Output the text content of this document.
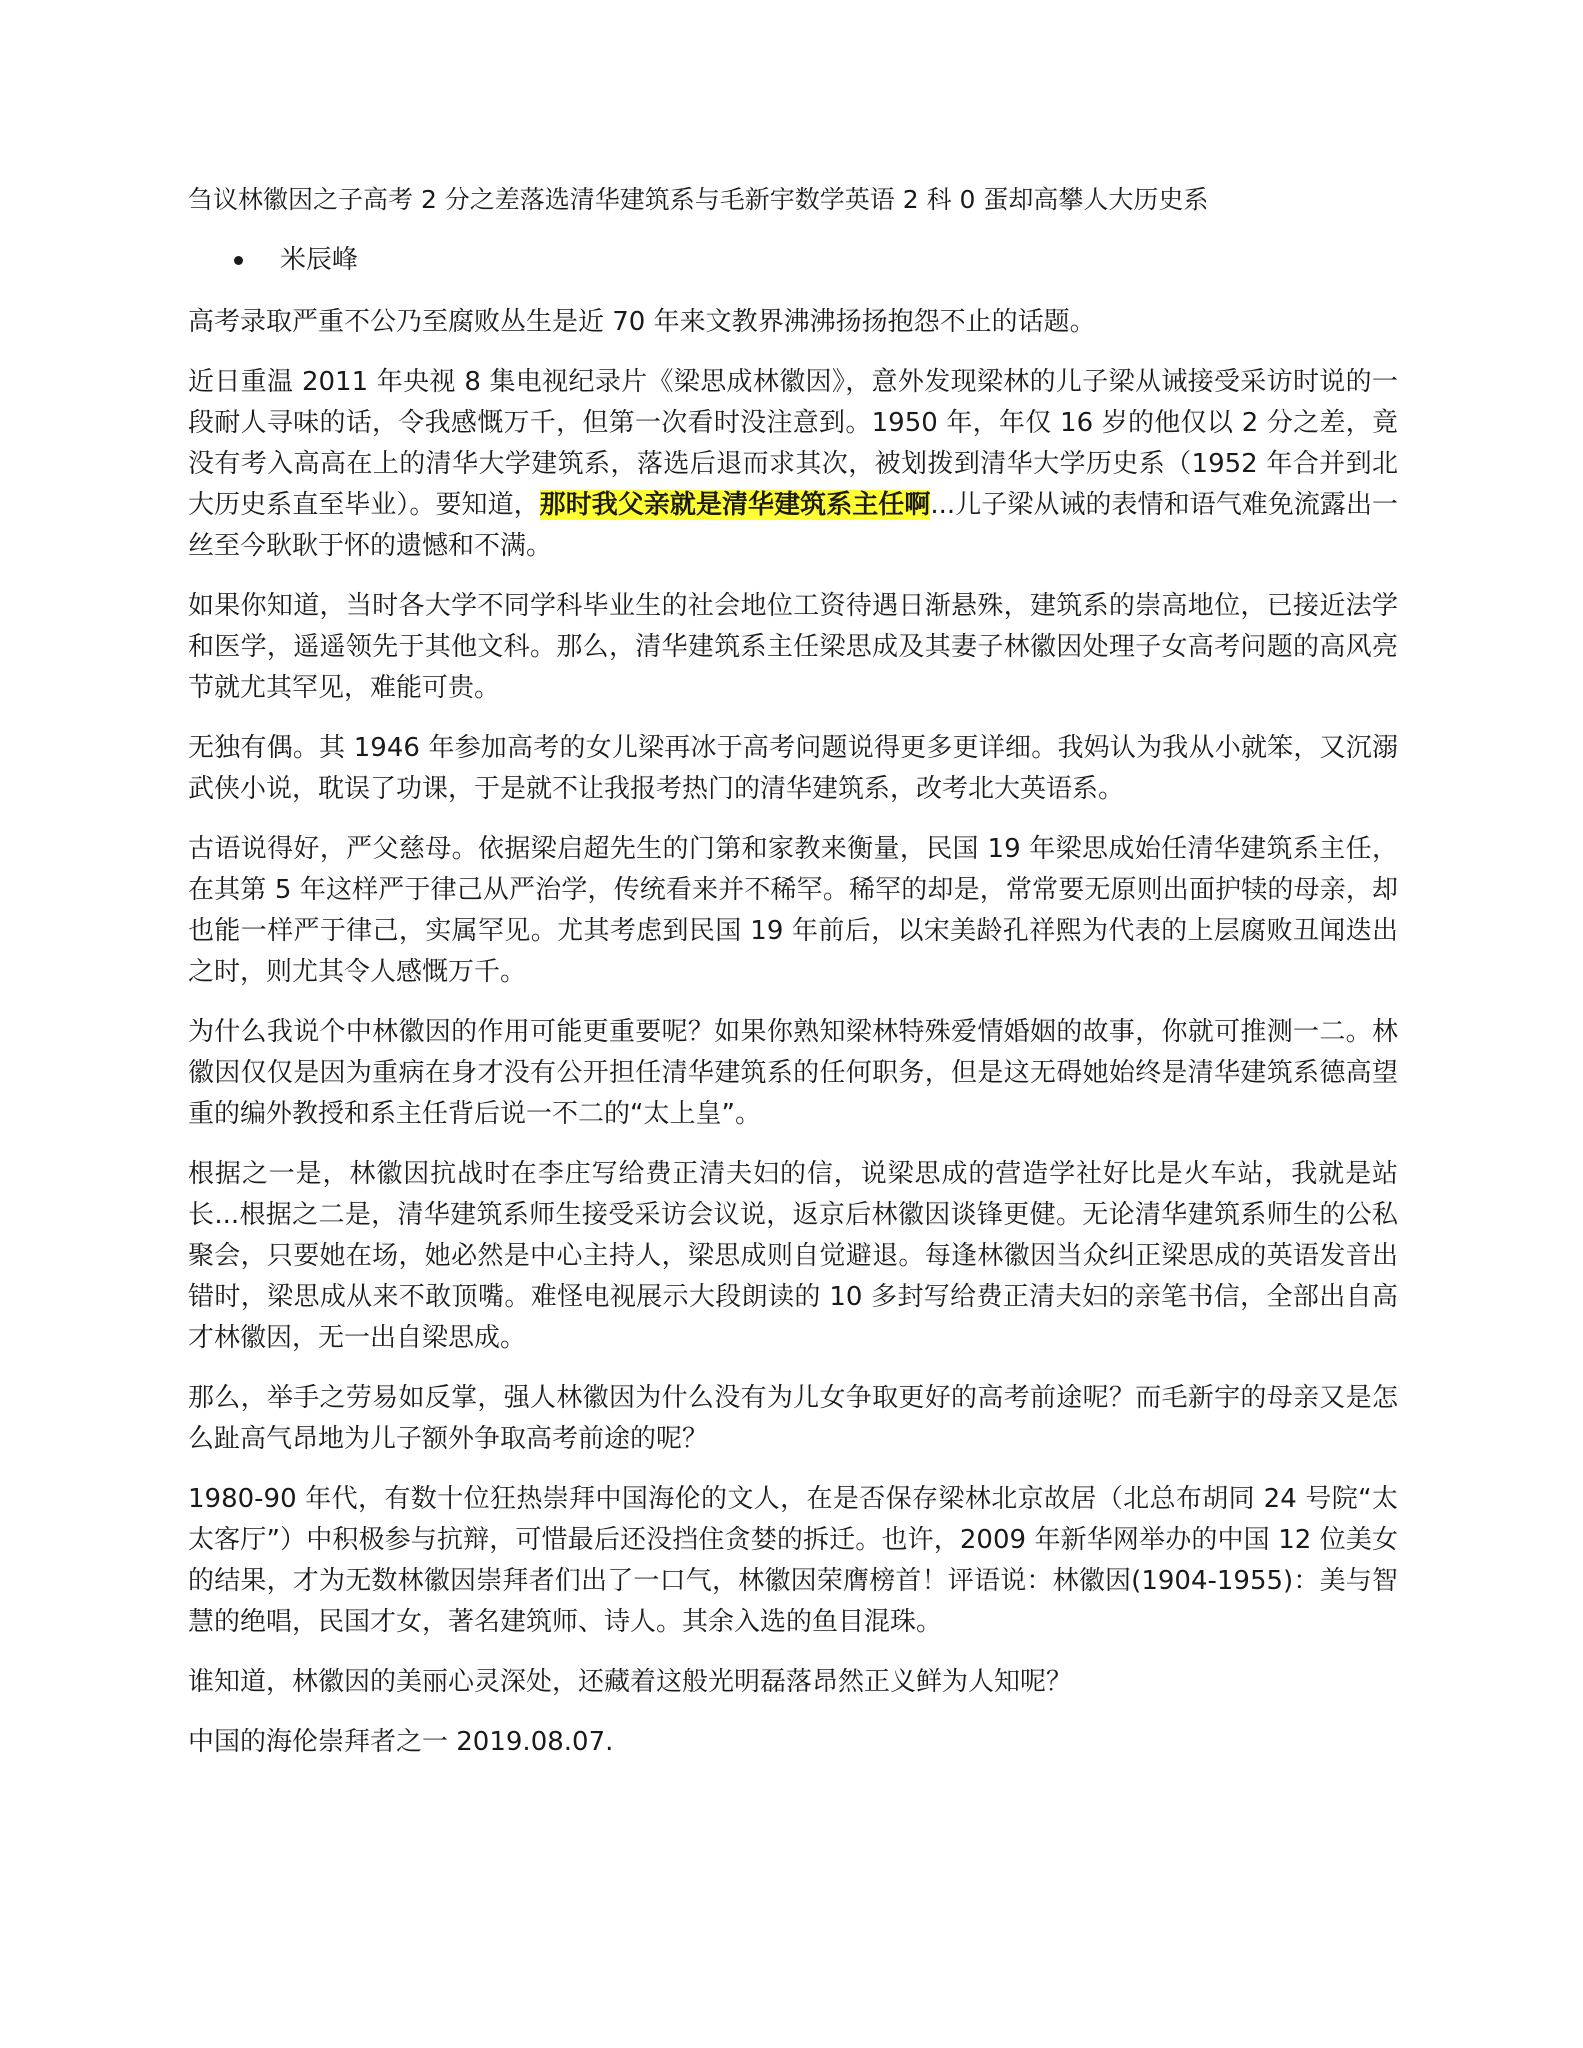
刍议林徽因之子高考 2 分之差落选清华建筑系与毛新宇数学英语 2 科 0 蛋却高攀人大历史系
米辰峰

高考录取严重不公乃至腐败丛生是近 70 年来文教界沸沸扬扬抱怨不止的话题。

近日重温 2011 年央视 8 集电视纪录片《梁思成林徽因》，意外发现梁林的儿子梁从诫接受采访时说的一段耐人寻味的话，令我感慨万千，但第一次看时没注意到。1950 年，年仅 16 岁的他仅以 2 分之差，竟没有考入高高在上的清华大学建筑系，落选后退而求其次，被划拨到清华大学历史系（1952 年合并到北大历史系直至毕业）。要知道，那时我父亲就是清华建筑系主任啊...儿子梁从诫的表情和语气难免流露出一丝至今耿耿于怀的遗憾和不满。

如果你知道，当时各大学不同学科毕业生的社会地位工资待遇日渐悬殊，建筑系的崇高地位，已接近法学和医学，遥遥领先于其他文科。那么，清华建筑系主任梁思成及其妻子林徽因处理子女高考问题的高风亮节就尤其罕见，难能可贵。

无独有偶。其 1946 年参加高考的女儿梁再冰于高考问题说得更多更详细。我妈认为我从小就笨，又沉溺武侠小说，耽误了功课，于是就不让我报考热门的清华建筑系，改考北大英语系。

古语说得好，严父慈母。依据梁启超先生的门第和家教来衡量，民国 19 年梁思成始任清华建筑系主任，在其第 5 年这样严于律己从严治学，传统看来并不稀罕。稀罕的却是，常常要无原则出面护犊的母亲，却也能一样严于律己，实属罕见。尤其考虑到民国 19 年前后，以宋美龄孔祥熙为代表的上层腐败丑闻迭出之时，则尤其令人感慨万千。

为什么我说个中林徽因的作用可能更重要呢？如果你熟知梁林特殊爱情婚姻的故事，你就可推测一二。林徽因仅仅是因为重病在身才没有公开担任清华建筑系的任何职务，但是这无碍她始终是清华建筑系德高望重的编外教授和系主任背后说一不二的“太上皇”。

根据之一是，林徽因抗战时在李庄写给费正清夫妇的信，说梁思成的营造学社好比是火车站，我就是站长...根据之二是，清华建筑系师生接受采访会议说，返京后林徽因谈锋更健。无论清华建筑系师生的公私聚会，只要她在场，她必然是中心主持人，梁思成则自觉避退。每逢林徽因当众纠正梁思成的英语发音出错时，梁思成从来不敢顶嘴。难怪电视展示大段朗读的 10 多封写给费正清夫妇的亲笔书信，全部出自高才林徽因，无一出自梁思成。

那么，举手之劳易如反掌，强人林徽因为什么没有为儿女争取更好的高考前途呢？而毛新宇的母亲又是怎么趾高气昂地为儿子额外争取高考前途的呢？

1980-90 年代，有数十位狂热崇拜中国海伦的文人，在是否保存梁林北京故居（北总布胡同 24 号院“太太客厅”）中积极参与抗辩，可惜最后还没挡住贪婪的拆迁。也许，2009 年新华网举办的中国 12 位美女的结果，才为无数林徽因崇拜者们出了一口气，林徽因荣膺榜首！评语说：林徽因(1904-1955)：美与智慧的绝唱，民国才女，著名建筑师、诗人。其余入选的鱼目混珠。

谁知道，林徽因的美丽心灵深处，还藏着这般光明磊落昂然正义鲜为人知呢？

中国的海伦崇拜者之一 2019.08.07.
